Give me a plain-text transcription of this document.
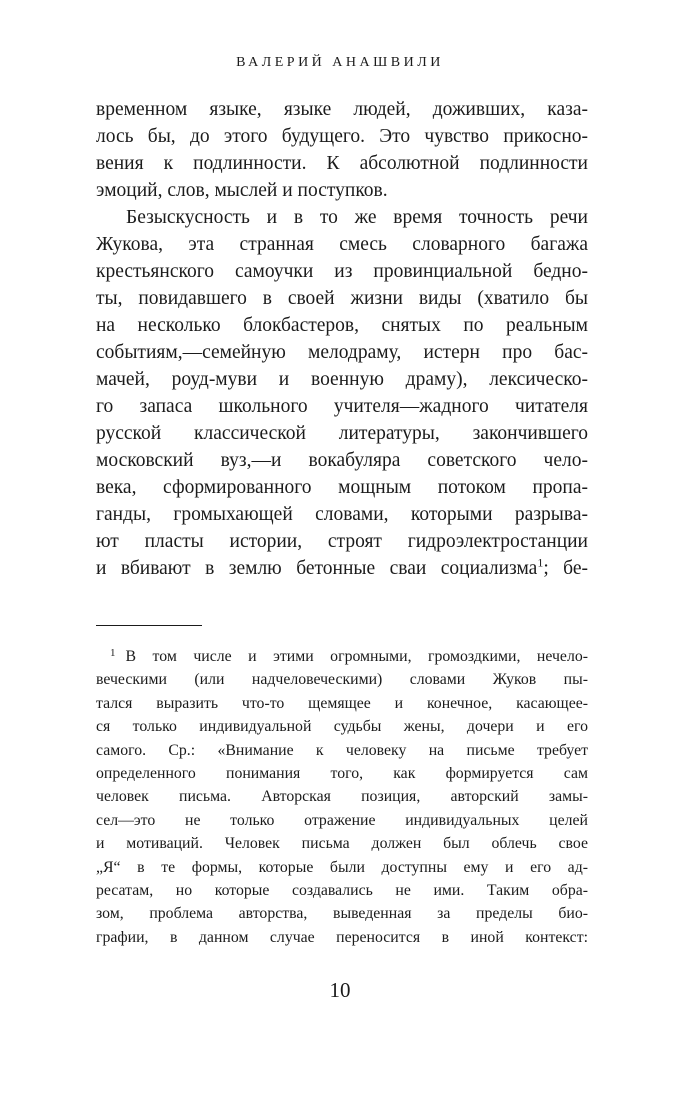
ВАЛЕРИЙ АНАШВИЛИ
временном языке, языке людей, доживших, каза-
лось бы, до этого будущего. Это чувство прикосно-
вения к подлинности. К абсолютной подлинности
эмоций, слов, мыслей и поступков.
Безыскусность и в то же время точность речи
Жукова, эта странная смесь словарного багажа
крестьянского самоучки из провинциальной бедно-
ты, повидавшего в своей жизни виды (хватило бы
на несколько блокбастеров, снятых по реальным
событиям,—семейную мелодраму, истерн про бас-
мачей, роуд-муви и военную драму), лексическо-
го запаса школьного учителя—жадного читателя
русской классической литературы, закончившего
московский вуз,—и вокабуляра советского чело-
века, сформированного мощным потоком пропа-
ганды, громыхающей словами, которыми разрыва-
ют пласты истории, строят гидроэлектростанции
и вбивают в землю бетонные сваи социализма$^1$; бе-
$^1$ В том числе и этими огромными, громоздкими, нечело-
веческими (или надчеловеческими) словами Жуков пы-
тался выразить что-то щемящее и конечное, касающее-
ся только индивидуальной судьбы жены, дочери и его
самого. Ср.: «Внимание к человеку на письме требует
определенного понимания того, как формируется сам
человек письма. Авторская позиция, авторский замы-
сел—это не только отражение индивидуальных целей
и мотиваций. Человек письма должен был облечь свое
„Я“ в те формы, которые были доступны ему и его ад-
ресатам, но которые создавались не ими. Таким обра-
зом, проблема авторства, выведенная за пределы био-
графии, в данном случае переносится в иной контекст:
10
